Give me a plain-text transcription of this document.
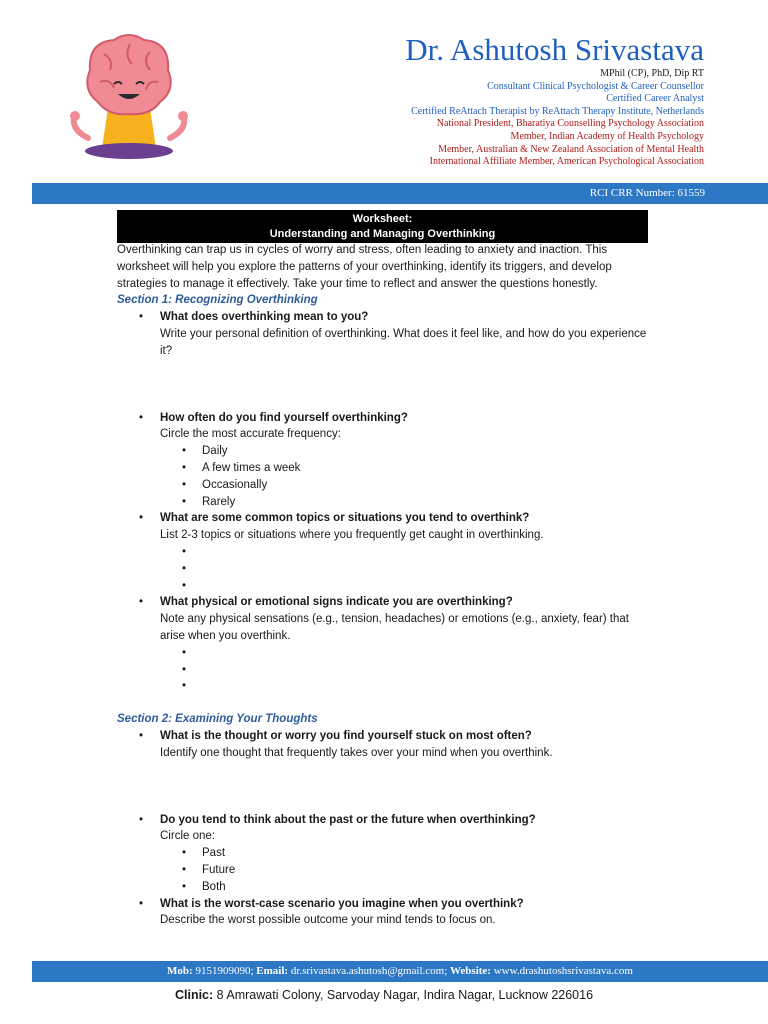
Dr. Ashutosh Srivastava
MPhil (CP), PhD, Dip RT
Consultant Clinical Psychologist & Career Counsellor
Certified Career Analyst
Certified ReAttach Therapist by ReAttach Therapy Institute, Netherlands
National President, Bharatiya Counselling Psychology Association
Member, Indian Academy of Health Psychology
Member, Australian & New Zealand Association of Mental Health
International Affiliate Member, American Psychological Association
RCI CRR Number: 61559
Worksheet:
Understanding and Managing Overthinking

Overthinking can trap us in cycles of worry and stress, often leading to anxiety and inaction. This worksheet will help you explore the patterns of your overthinking, identify its triggers, and develop strategies to manage it effectively. Take your time to reflect and answer the questions honestly.

Section 1: Recognizing Overthinking

• What does overthinking mean to you?
Write your personal definition of overthinking. What does it feel like, and how do you experience it?
• How often do you find yourself overthinking?
Circle the most accurate frequency:
• Daily
• A few times a week
• Occasionally
• Rarely
• What are some common topics or situations you tend to overthink?
List 2-3 topics or situations where you frequently get caught in overthinking.
•

•

•

• What physical or emotional signs indicate you are overthinking?
Note any physical sensations (e.g., tension, headaches) or emotions (e.g., anxiety, fear) that arise when you overthink.
•

•

•

Section 2: Examining Your Thoughts

• What is the thought or worry you find yourself stuck on most often?
Identify one thought that frequently takes over your mind when you overthink.
• Do you tend to think about the past or the future when overthinking?
Circle one:
• Past
• Future
• Both
• What is the worst-case scenario you imagine when you overthink?
Describe the worst possible outcome your mind tends to focus on.
Mob: 9151909090; Email: dr.srivastava.ashutosh@gmail.com; Website: www.drashutoshsrivastava.com
Clinic: 8 Amrawati Colony, Sarvoday Nagar, Indira Nagar, Lucknow 226016
